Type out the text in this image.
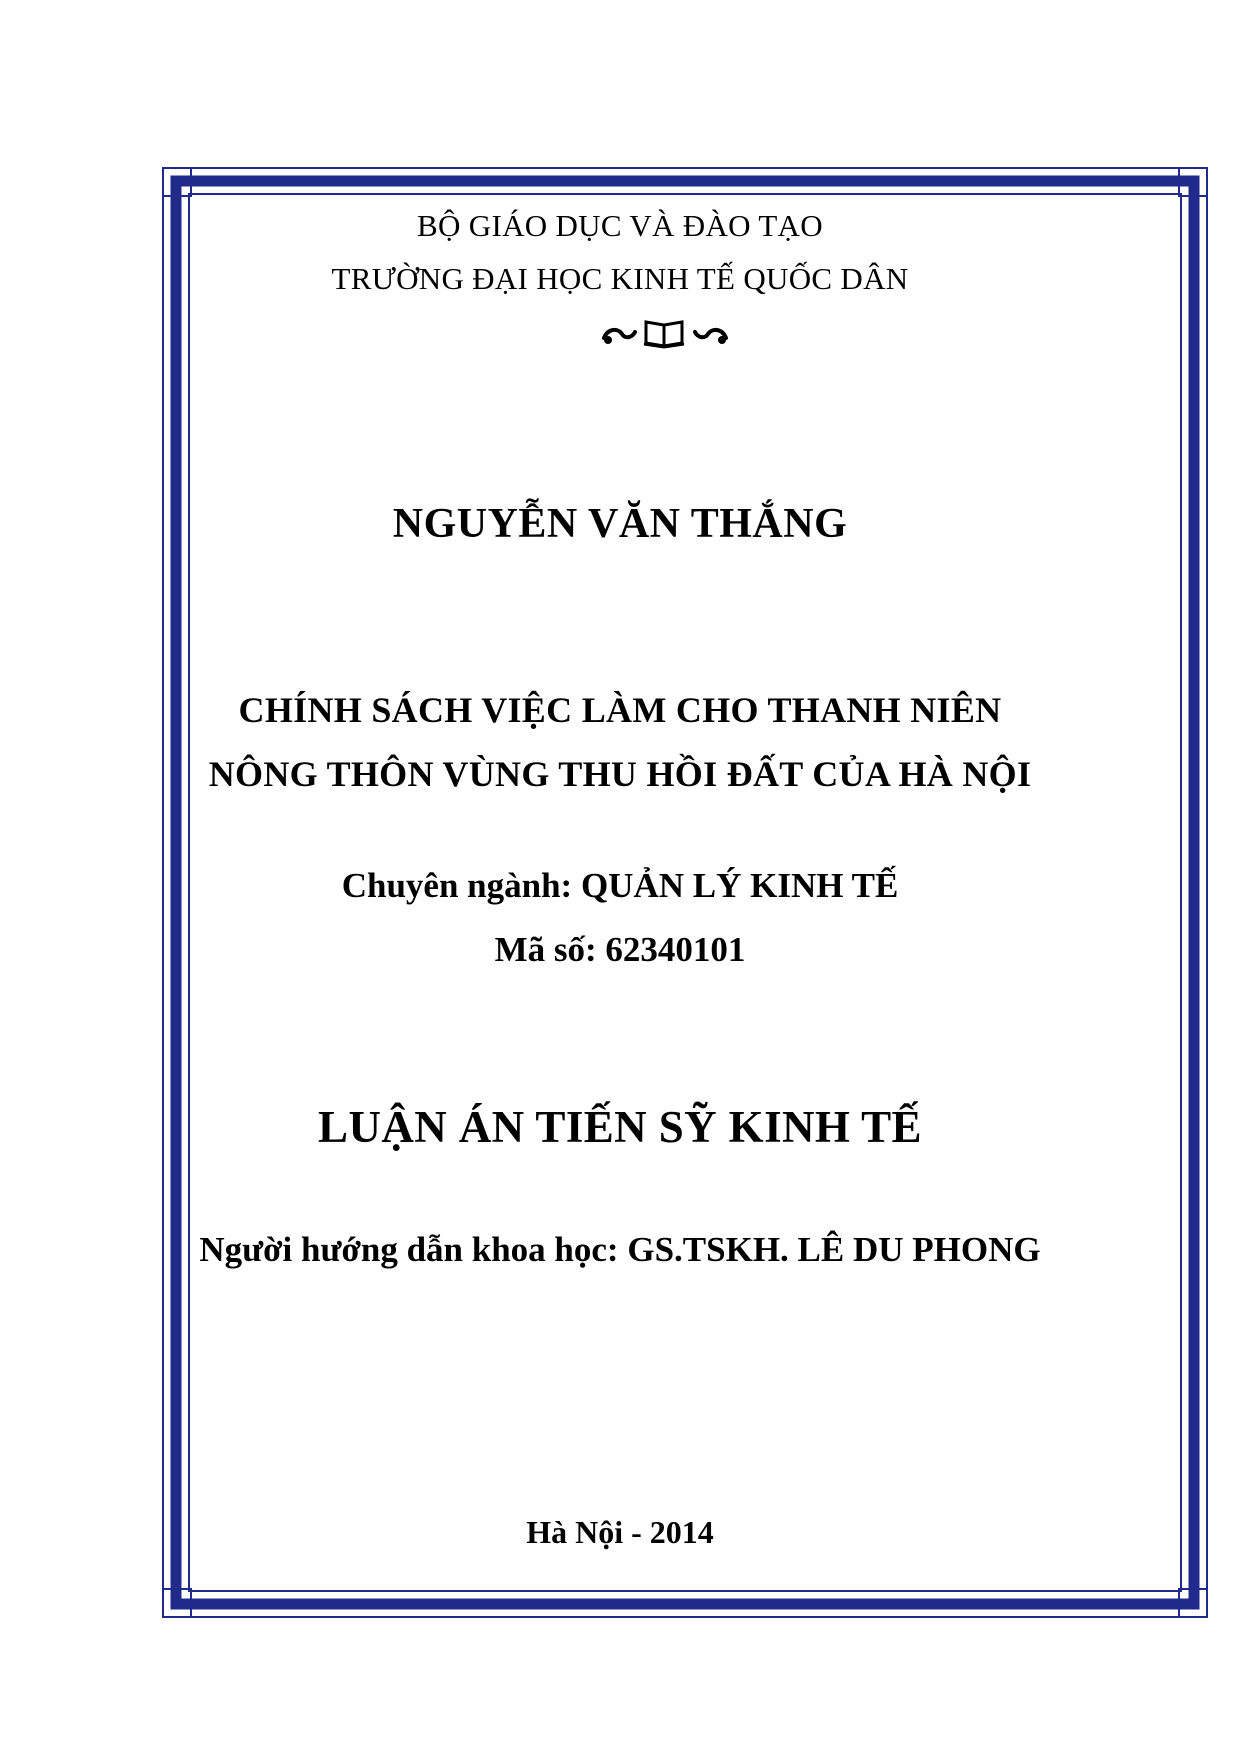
BỘ GIÁO DỤC VÀ ĐÀO TẠO
TRƯỜNG ĐẠI HỌC KINH TẾ QUỐC DÂN
NGUYỄN VĂN THẮNG
CHÍNH SÁCH VIỆC LÀM CHO THANH NIÊN
NÔNG THÔN VÙNG THU HỒI ĐẤT CỦA HÀ NỘI
Chuyên ngành: QUẢN LÝ KINH TẾ
Mã số: 62340101
LUẬN ÁN TIẾN SỸ KINH TẾ
Người hướng dẫn khoa học: GS.TSKH. LÊ DU PHONG
Hà Nội - 2014
